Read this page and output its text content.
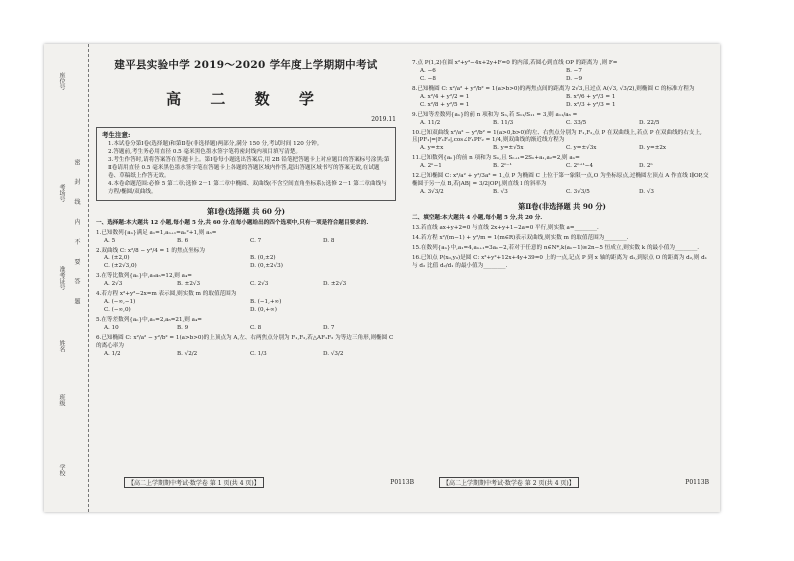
座位号
考场号 密 封 线 内 不 要 答 题
准考证号
姓名
班级
学校
建平县实验中学 2019～2020 学年度上学期期中考试
高 二 数 学
2019.11
考生注意:
1.本试卷分第Ⅰ卷(选择题)和第Ⅱ卷(非选择题)两部分,满分 150 分,考试时间 120 分钟。
2.答题前,考生务必用直径 0.5 毫米黑色墨水签字笔将密封线内项目填写清楚。
3.考生作答时,请将答案答在答题卡上。第Ⅰ卷每小题选出答案后,用 2B 铅笔把答题卡上对应题目的答案标号涂黑;第Ⅱ卷请用直径 0.5 毫米黑色墨水签字笔在答题卡上各题的答题区域内作答,超出答题区域书写的答案无效,在试题卷、草稿纸上作答无效。
4.本卷命题范围:必修 5 第二章;选修 2－1 第二章中椭圆、双曲线(不含空间直角坐标系);选修 2－1 第二章曲线与方程/椭圆/双曲线。
第Ⅰ卷(选择题 共 60 分)
一、选择题:本大题共 12 小题,每小题 5 分,共 60 分.在每小题给出的四个选项中,只有一项是符合题目要求的.
1.已知数列{aₙ}满足 a₁=1,aₙ₊₁=aₙ²+1,则 a₃=
A. 5	B. 6	C. 7	D. 8
2.双曲线 C: x²/8 − y²/4 = 1 的焦点坐标为
A. (±2,0)	B. (0,±2)
C. (±2√3,0)	D. (0,±2√3)
3.在等比数列{aₙ}中,a₃a₅=12,则 a₄=
A. 2√3	B. ±2√3	C. 2√3	D. ±2√3
4.若方程 x²+y²−2x=m 表示圆,则实数 m 的取值范围为
A. (−∞,−1)	B. (−1,+∞)
C. (−∞,0)	D. (0,+∞)
5.在等差数列{aₙ}中,a₁=2,a₆=21,则 a₄=
A. 10	B. 9	C. 8	D. 7
6.已知椭圆 C: x²/a² − y²/b² = 1(a>b>0)的上顶点为 A,左、右两焦点分别为 F₁,F₂,若△AF₁F₂ 为等边三角形,则椭圆 C 的离心率为
A. 1/2	B. √2/2	C. 1/3	D. √3/2
7.点 P(1,2)在圆 x²+y²−4x+2y+F=0 的内部,若圆心到直线 OP 的距离为 ,则 F=
A. −6	B. −7
C. −8	D. −9
8.已知椭圆 C: x²/a² + y²/b² = 1(a>b>0)的两焦点间的距离为 2√3,且过点 A(√3, √3/2),则椭圆 C 的标准方程为
A. x²/4 + y²/2 = 1	B. x²/6 + y²/3 = 1
C. x²/8 + y²/5 = 1	D. x²/3 + y²/3 = 1
9.已知等差数列{aₙ}的前 n 项和为 Sₙ,若 S₁₁/S₁₁ = 3,则 a₁₁/a₆ =
A. 11/2	B. 11/3	C. 33/5	D. 22/5
10.已知双曲线 x²/a² − y²/b² = 1(a>0,b>0)的左、右焦点分别为 F₁,F₂,点 P 在双曲线上,若点 P 在双曲线的右支上,且|PF₁|=|F₁F₂|,cos∠F₁PF₂ = 1/4,则双曲线的渐近线方程为
A. y=±x	B. y=±√5x	C. y=±√3x	D. y=±2x
11.已知数列{aₙ}的前 n 项和为 Sₙ,且 Sₙ₊₁=2Sₙ+a₁,a₂=2,则 aₙ=
A. 2ⁿ−1	B. 2ⁿ⁻¹	C. 2ⁿ⁺¹−4	D. 2ⁿ
12.已知椭圆 C: x²/a² + y²/3a² = 1,点 P 为椭圆 C 上位于第一象限一点,O 为坐标原点,过椭圆左顶点 A 作直线 l∥OP,交椭圆于另一点 B,若|AB| = 3/2|OP|,则直线 l 的斜率为
A. 3√3/2	B. √3	C. 3√3/5	D. √3
第Ⅱ卷(非选择题 共 90 分)
二、填空题:本大题共 4 小题,每小题 5 分,共 20 分.
13.若直线 ax+y+2=0 与直线 2x+y+1−2a=0 平行,则实数 a=________.
14.若方程 x²/(m−1) + y²/m = 1(m∈R)表示双曲线,则实数 m 的取值范围为________.
15.在数列{aₙ}中,a₁=4,aₙ₊₁=3aₙ−2,若对于任意的 n∈N*,k(aₙ−1)≥2n−5 恒成立,则实数 k 的最小值为________.
16.已知点 P(x₀,y₀)是圆 C: x²+y²+12x+4y+39=0 上的一点,记点 P 到 x 轴的距离为 d₁,到原点 O 的距离为 d₂,则 d₁ 与 d₂ 比值 d₂/d₁ 的最小值为________.
【高二上学期期中考试·数学卷 第 1 页(共 4 页)】	P0113B	【高二上学期期中考试·数学卷 第 2 页(共 4 页)】	P0113B
